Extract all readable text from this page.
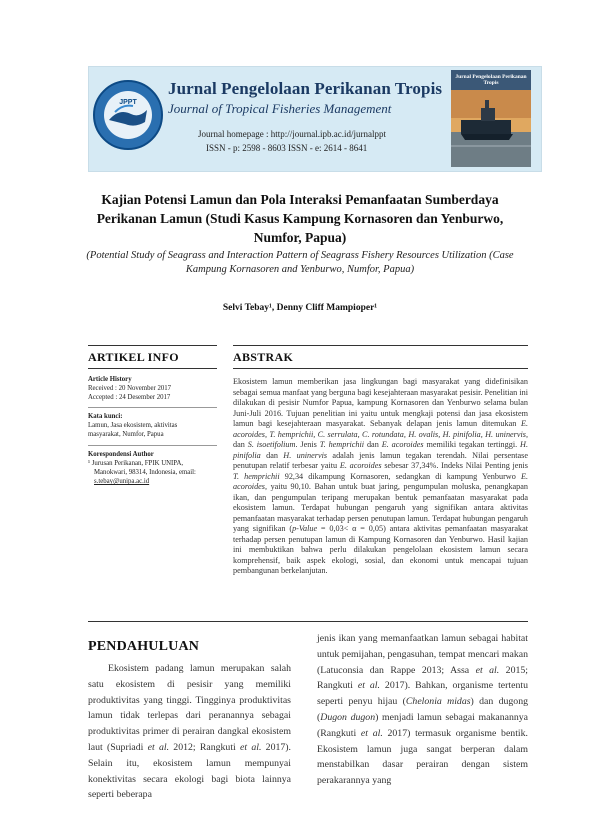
JPPT
Jurnal Pengelolaan Perikanan Tropis
Journal of Tropical Fisheries Management
Journal homepage : http://journal.ipb.ac.id/jurnalppt
ISSN - p: 2598 - 8603 ISSN - e: 2614 - 8641
Jurnal Pengelolaan Perikanan Tropis
Kajian Potensi Lamun dan Pola Interaksi Pemanfaatan Sumberdaya Perikanan Lamun (Studi Kasus Kampung Kornasoren dan Yenburwo, Numfor, Papua)
(Potential Study of Seagrass and Interaction Pattern of Seagrass Fishery Resources Utilization (Case Kampung Kornasoren and Yenburwo, Numfor, Papua)
Selvi Tebay¹, Denny Cliff Mampioper¹
ARTIKEL INFO
Article History
Received : 20 November 2017
Accepted : 24 Desember 2017
Kata kunci:
Lamun, Jasa ekosistem, aktivitas
masyarakat, Numfor, Papua
Korespondensi Author
¹ Jurusan Perikanan, FPIK UNIPA,
Manokwari, 98314, Indonesia, email:
s.tebay@unipa.ac.id
ABSTRAK
Ekosistem lamun memberikan jasa lingkungan bagi masyarakat yang didefinisikan sebagai semua manfaat yang berguna bagi kesejahteraan masyarakat pesisir. Penelitian ini dilakukan di pesisir Numfor Papua, kampung Kornasoren dan Yenburwo selama bulan Juni-Juli 2016. Tujuan penelitian ini yaitu untuk mengkaji potensi dan jasa ekosistem lamun bagi kesejahteraan masyarakat. Sebanyak delapan jenis lamun ditemukan E. acoroides, T. hemprichii, C. serrulata, C. rotundata, H. ovalis, H. pinifolia, H. uninervis, dan S. isoetifolium. Jenis T. hemprichii dan E. acoroides memiliki tegakan tertinggi. H. pinifolia dan H. uninervis adalah jenis lamun tegakan terendah. Nilai persentase penutupan relatif terbesar yaitu E. acoroides sebesar 37,34%. Indeks Nilai Penting jenis T. hemprichii 92,34 dikampung Kornasoren, sedangkan di kampung Yenburwo E. acoroides, yaitu 90,10. Bahan untuk buat jaring, pengumpulan moluska, penangkapan ikan, dan pengumpulan teripang merupakan bentuk pemanfaatan masyarakat pada ekosistem lamun. Terdapat hubungan pengaruh yang signifikan antara aktivitas pemanfaatan masyarakat terhadap persen penutupan lamun. Terdapat hubungan pengaruh yang signifikan (p-Value = 0,03< α = 0,05) antara aktivitas pemanfaatan masyarakat terhadap persen penutupan lamun di Kampung Kornasoren dan Yenburwo. Hasil kajian ini membuktikan bahwa perlu dilakukan pengelolaan ekosistem lamun secara komprehensif, baik aspek ekologi, sosial, dan ekonomi untuk mencapai tujuan pembangunan berkelanjutan.
PENDAHULUAN
Ekosistem padang lamun merupakan salah satu ekosistem di pesisir yang memiliki produktivitas yang tinggi. Tingginya produktivitas lamun tidak terlepas dari peranannya sebagai produktivitas primer di perairan dangkal ekosistem laut (Supriadi et al. 2012; Rangkuti et al. 2017). Selain itu, ekosistem lamun mempunyai konektivitas secara ekologi bagi biota lainnya seperti beberapa
jenis ikan yang memanfaatkan lamun sebagai habitat untuk pemijahan, pengasuhan, tempat mencari makan (Latuconsia dan Rappe 2013; Assa et al. 2015; Rangkuti et al. 2017). Bahkan, organisme tertentu seperti penyu hijau (Chelonia midas) dan dugong (Dugon dugon) menjadi lamun sebagai makanannya (Rangkuti et al. 2017) termasuk organisme bentik. Ekosistem lamun juga sangat berperan dalam menstabilkan dasar perairan dengan sistem perakarannya yang
